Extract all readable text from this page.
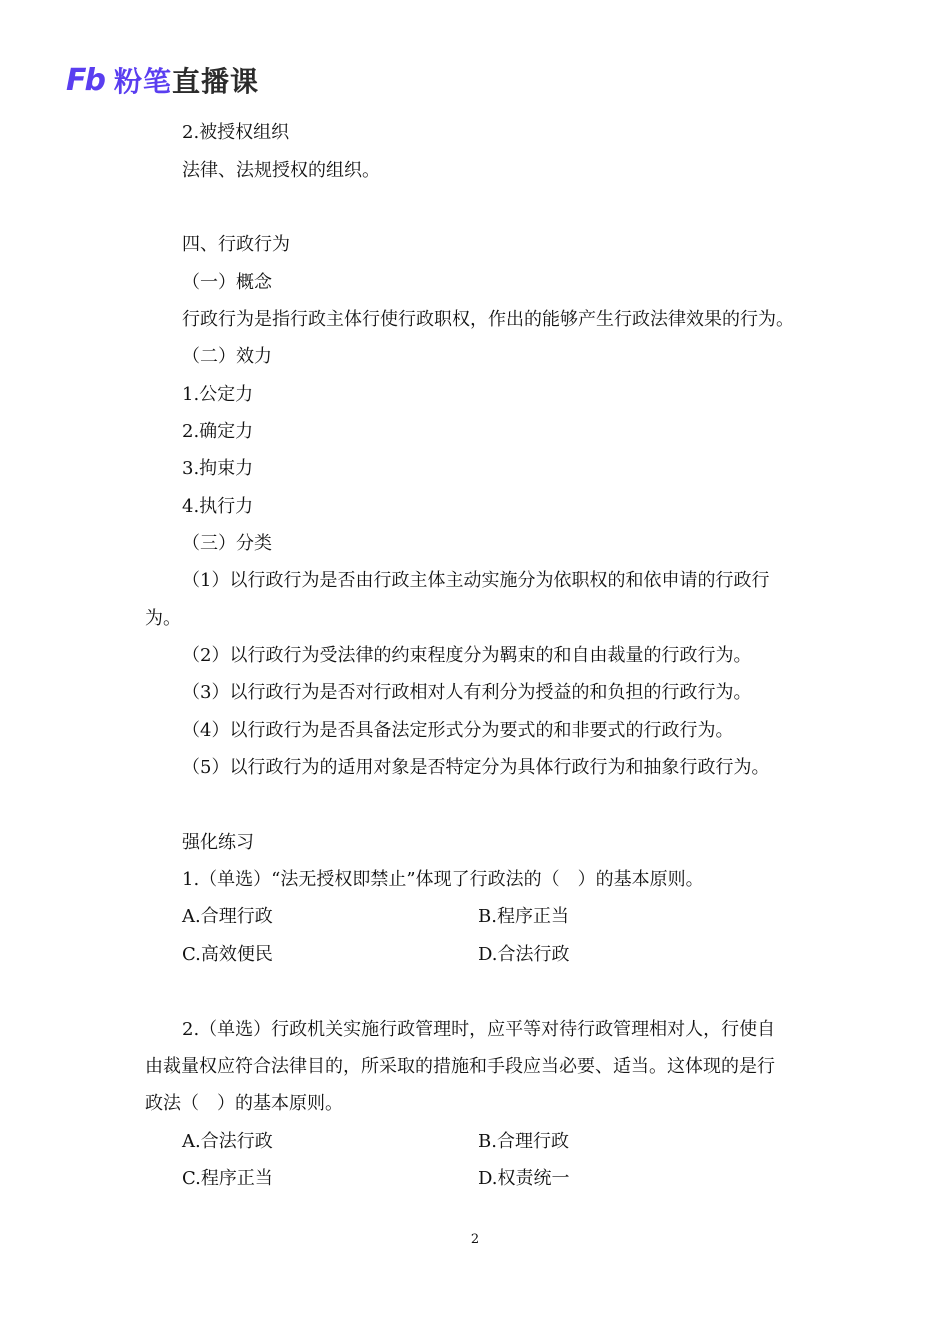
Fb 粉笔 直播课
2.被授权组织
法律、法规授权的组织。
四、行政行为
（一）概念
行政行为是指行政主体行使行政职权，作出的能够产生行政法律效果的行为。
（二）效力
1.公定力
2.确定力
3.拘束力
4.执行力
（三）分类
（1）以行政行为是否由行政主体主动实施分为依职权的和依申请的行政行
为。
（2）以行政行为受法律的约束程度分为羁束的和自由裁量的行政行为。
（3）以行政行为是否对行政相对人有利分为授益的和负担的行政行为。
（4）以行政行为是否具备法定形式分为要式的和非要式的行政行为。
（5）以行政行为的适用对象是否特定分为具体行政行为和抽象行政行为。
强化练习
1.（单选）“法无授权即禁止”体现了行政法的（　）的基本原则。
A.合理行政	B.程序正当
C.高效便民	D.合法行政
2.（单选）行政机关实施行政管理时，应平等对待行政管理相对人，行使自
由裁量权应符合法律目的，所采取的措施和手段应当必要、适当。这体现的是行
政法（　）的基本原则。
A.合法行政	B.合理行政
C.程序正当	D.权责统一
2
